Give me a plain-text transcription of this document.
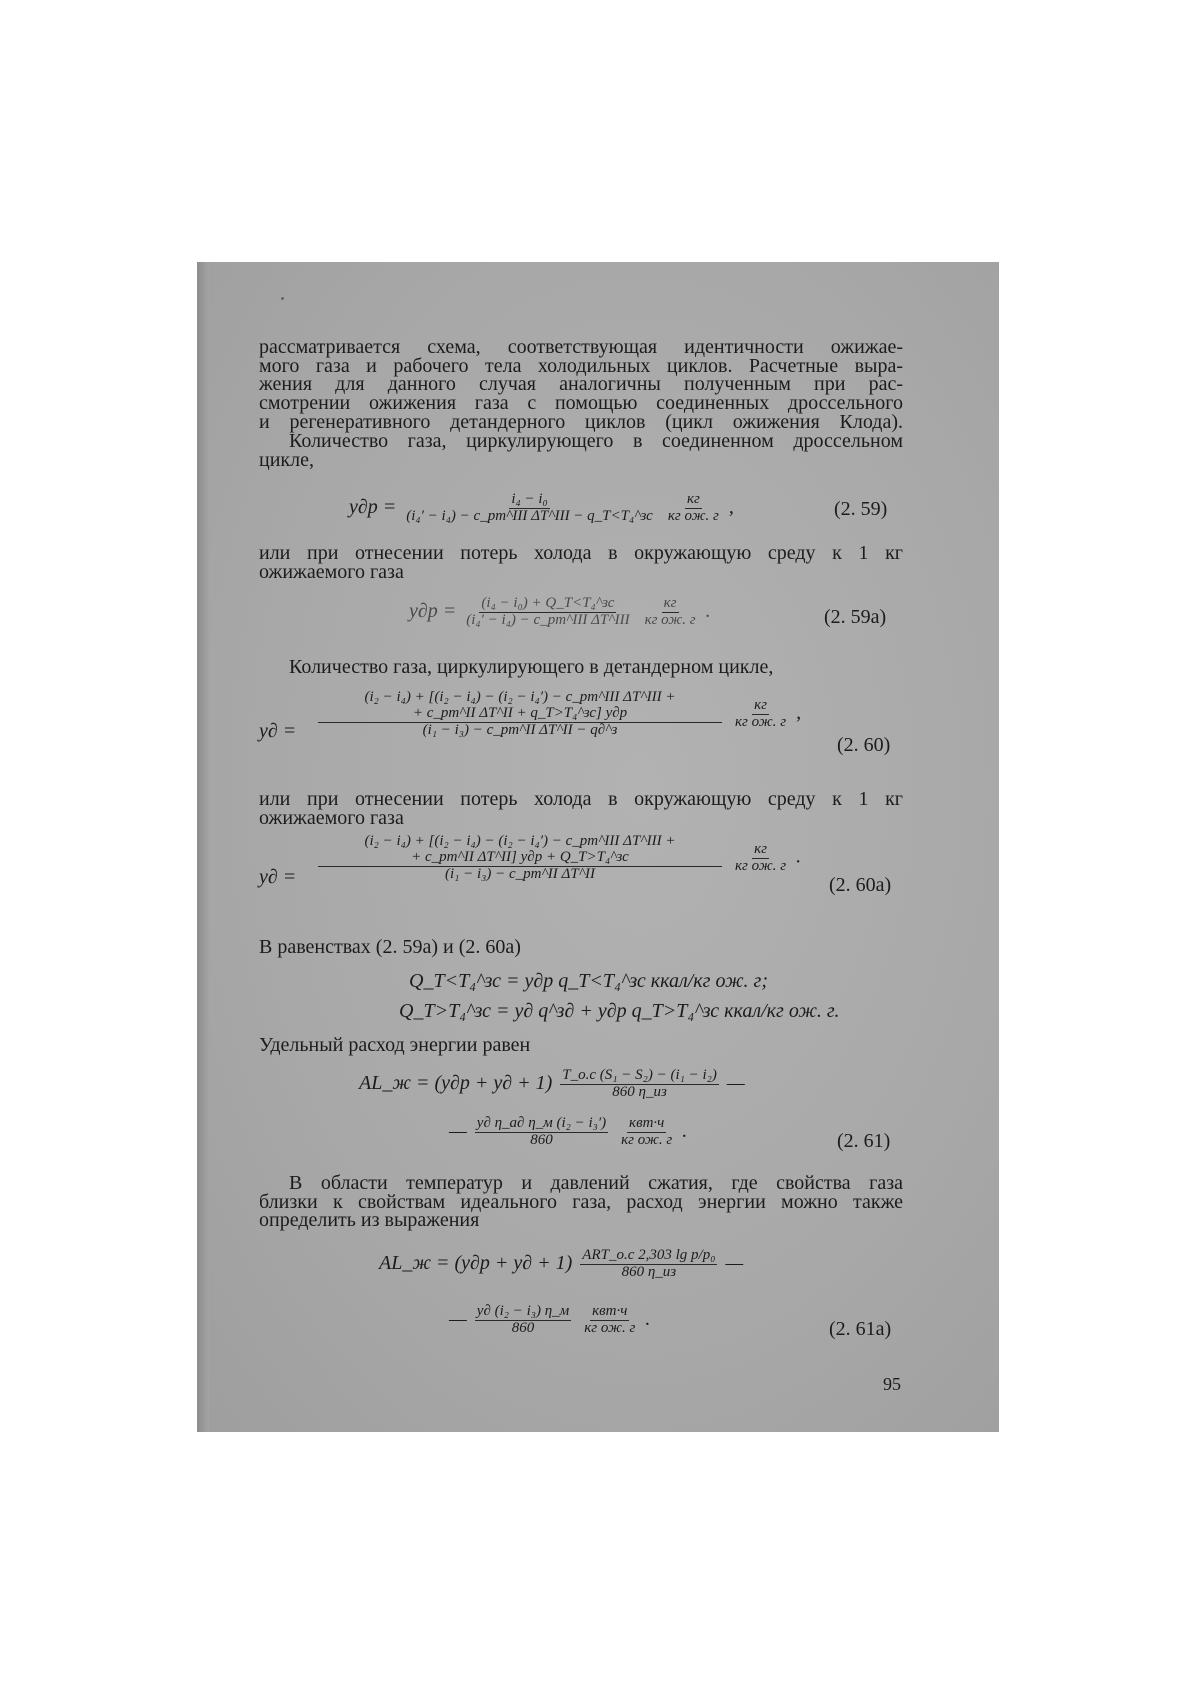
рассматривается схема, соответствующая идентичности ожижае-
мого газа и рабочего тела холодильных циклов. Расчетные выра-
жения для данного случая аналогичны полученным при рас-
смотрении ожижения газа с помощью соединенных дроссельного
и регенеративного детандерного циклов (цикл ожижения Клода).
Количество газа, циркулирующего в соединенном дроссельном
цикле,
$y\partial р = \frac{\text{i₄ − i₀}}{\text{(i₄′ − i₄) − c\_pm\textasciicircum{}III ΔT\textasciicircum{}III − q\_T<T₄\textasciicircum{}зс}}$
$\frac{кг}{\text{кг ож. г}}$ ,	(2. 59)
или при отнесении потерь холода в окружающую среду к 1 кг
ожижаемого газа
$y\partial р = \frac{\text{(i₄ − i₀) + Q\_T<T₄\textasciicircum{}зс}}{\text{(i₄′ − i₄) − c\_pm\textasciicircum{}III ΔT\textasciicircum{}III}}$
$\frac{кг}{\text{кг ож. г}}$ .	(2. 59а)
Количество газа, циркулирующего в детандерном цикле,
y∂ =
(i₂ − i₄) + [(i₂ − i₄) − (i₂ − i₄′) − c_pm^III ΔT^III +
+ c_pm^II ΔT^II + q_T>T₄^зс] y∂р
(i₁ − i₃) − c_pm^II ΔT^II − q∂^з
	$\frac{кг}{\text{кг ож. г}}$ ,
(2. 60)
или при отнесении потерь холода в окружающую среду к 1 кг
ожижаемого газа
y∂ =
(i₂ − i₄) + [(i₂ − i₄) − (i₂ − i₄′) − c_pm^III ΔT^III +
+ c_pm^II ΔT^II] y∂р + Q_T>T₄^зс
(i₁ − i₃) − c_pm^II ΔT^II
	$\frac{кг}{\text{кг ож. г}}$ .
(2. 60а)
В равенствах (2. 59а) и (2. 60а)
Q_T<T₄^зс = y∂р q_T<T₄^зс ккал/кг ож. г;
Q_T>T₄^зс = y∂ q^з∂ + y∂р q_T>T₄^зс ккал/кг ож. г.
Удельный расход энергии равен
AL_ж = $(y\partial р + y\partial + 1) \frac{\text{T\_о.с (S₁ − S₂) − (i₁ − i₂)}}{860 \eta\_из}$ —
— $\frac{\text{y∂ η\_а∂ η\_м (i₂ − i₃′)}}{860}$
$\frac{\text{квт·ч}}{\text{кг ож. г}}$ .	(2. 61)
В области температур и давлений сжатия, где свойства газа
близки к свойствам идеального газа, расход энергии можно также
определить из выражения
AL_ж = $(y\partial р + y\partial + 1) \frac{\text{ART\_о.с 2,303 lg p/p₀}}{860 \eta\_из}$ —
— $\frac{\text{y∂ (i₂ − i₃) η\_м}}{860}$
$\frac{\text{квт·ч}}{\text{кг ож. г}}$ .	(2. 61а)
95
